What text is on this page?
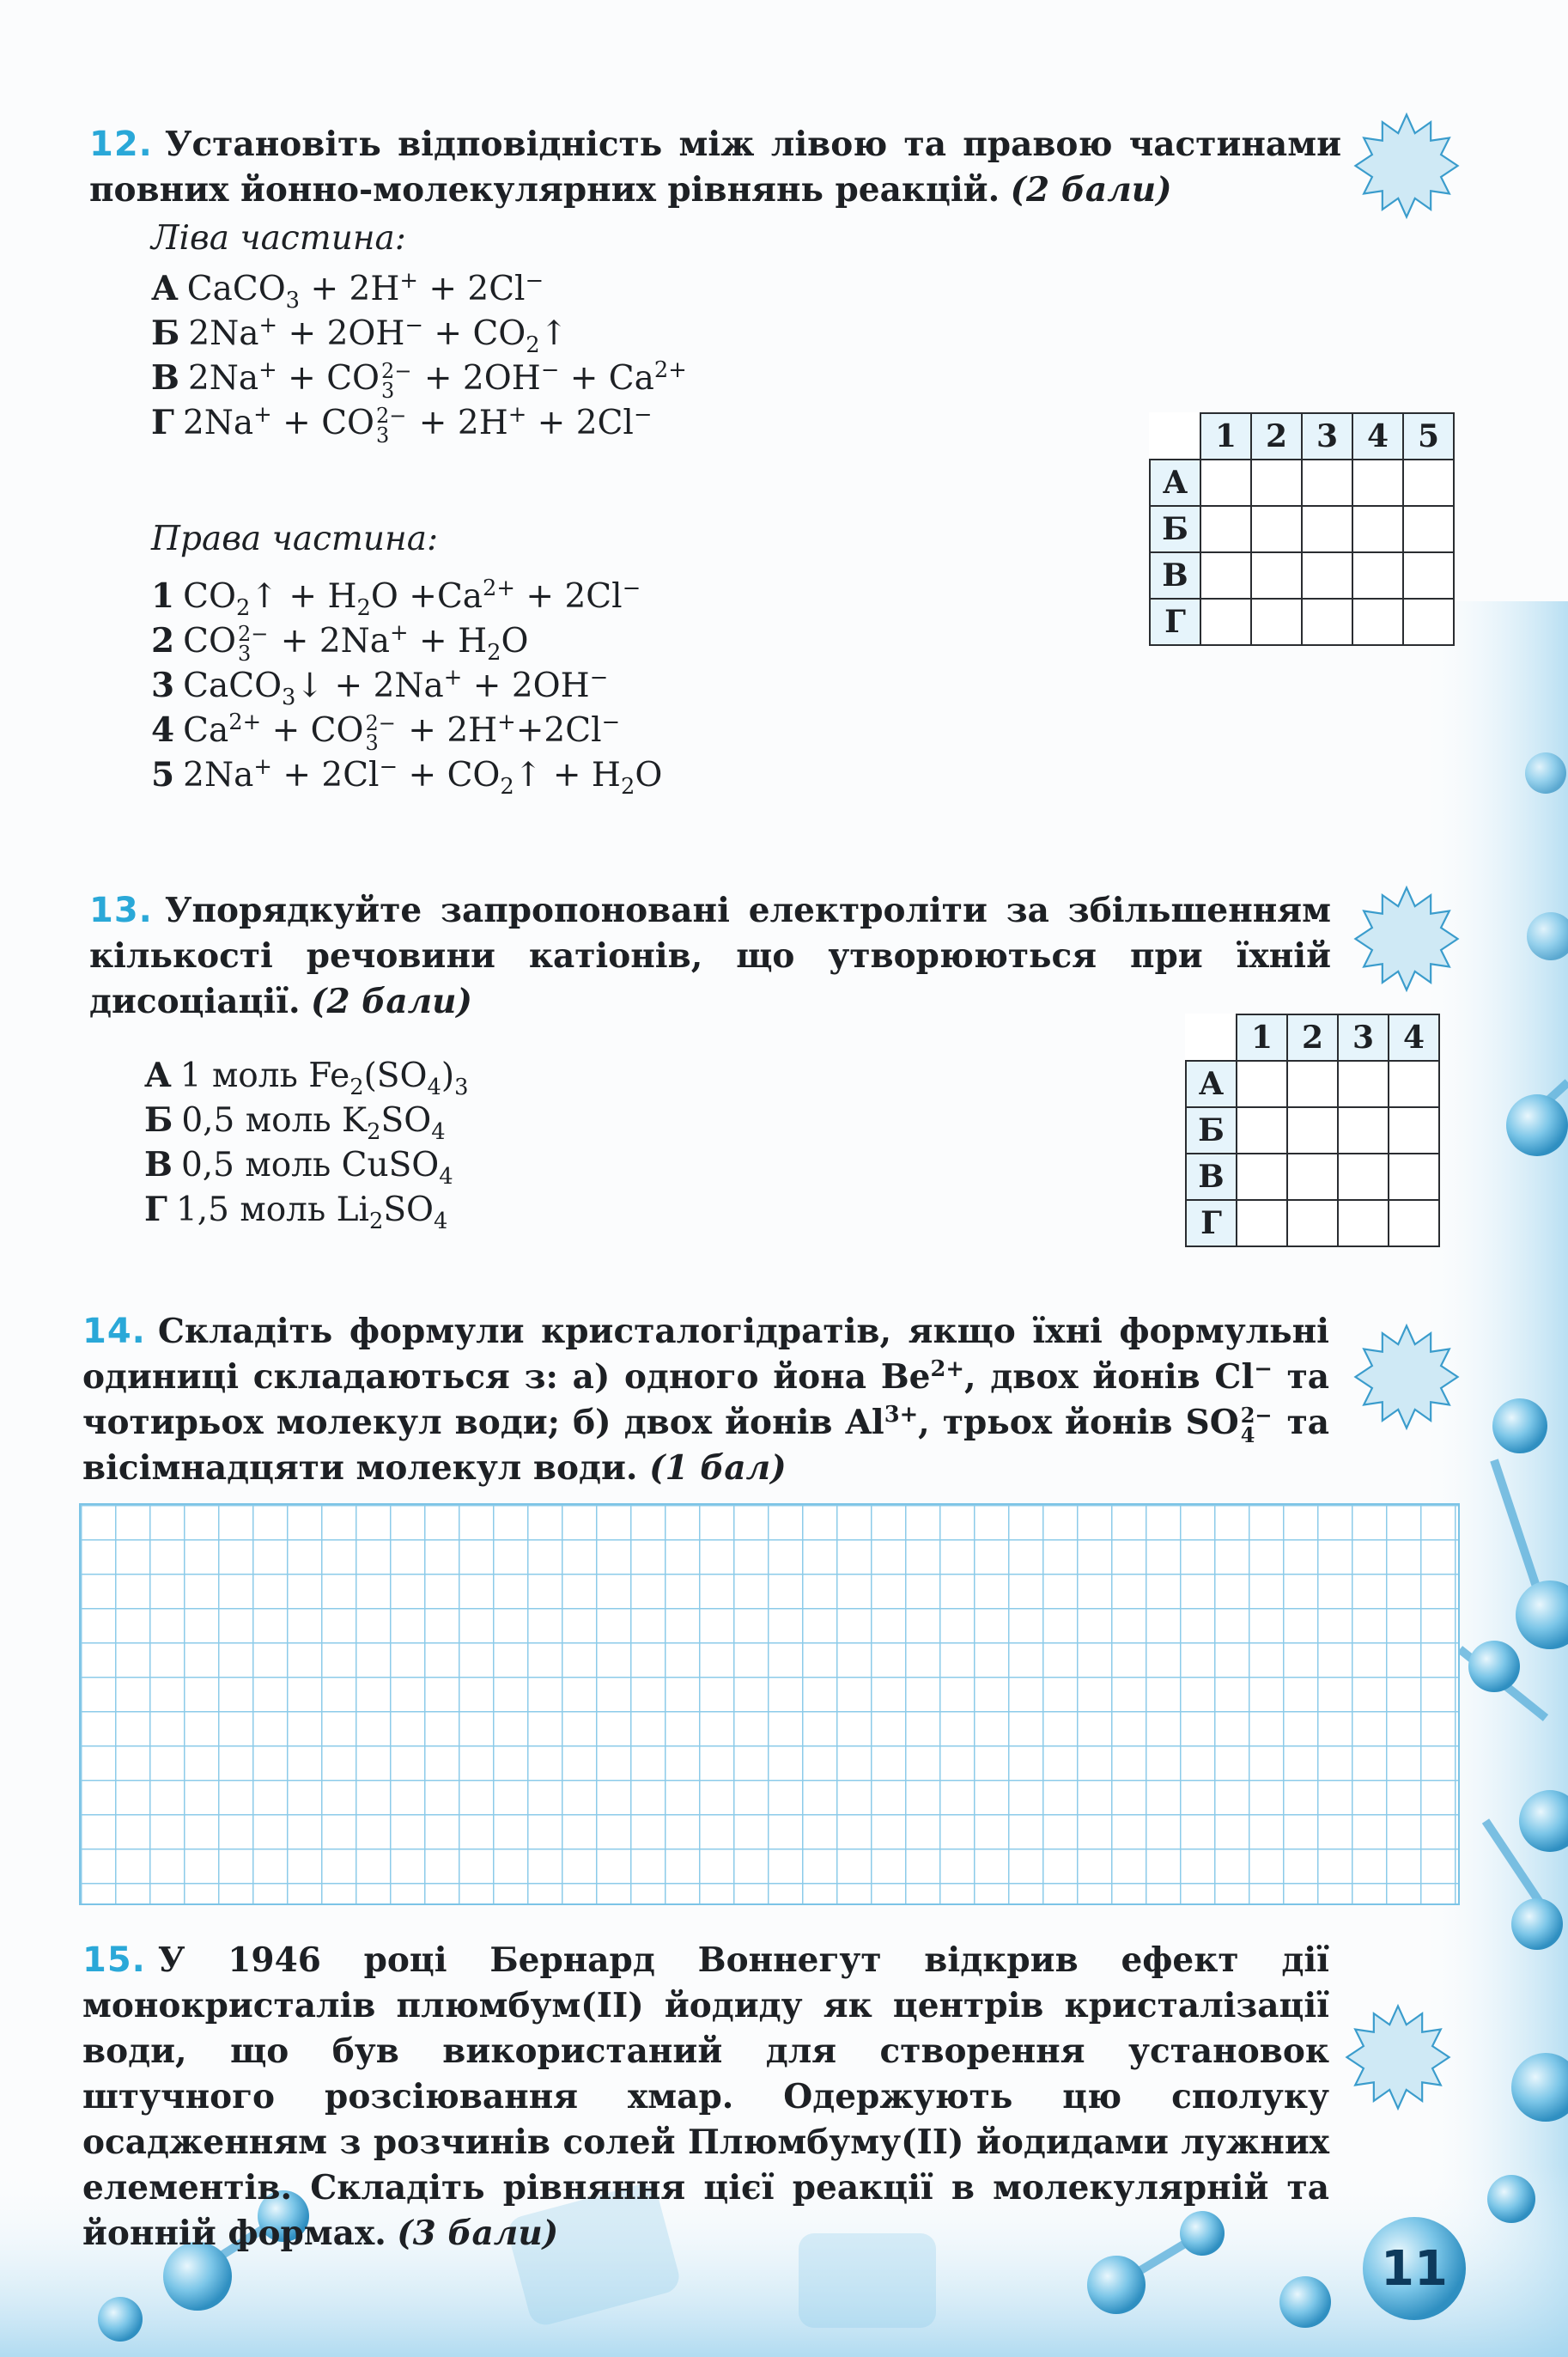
12. Установіть відповідність між лівою та правою частинами повних йонно-молекулярних рівнянь реакцій. (2 бали)
Ліва частина:
А CaCO$_3$ + 2H+ + 2Cl−
Б $2Na^+ + 2OH^- + CO_2↑$
В 2Na+ + CO 2−
$3 + 2OH^- + Ca^{2+}$
Г 2Na+ + CO 2−
3 + 2H+ + 2Cl−
	1	2	3	4	5
А					
Б					
В					
Г					
Права частина:
1 $CO_2↑ + H_2O +Ca^{2+} + 2Cl^-$
2 CO 2−
$3 + 2Na^+ + H_2O$
3 CaCO$_3$↓ + 2Na+ + 2OH−
4 $Ca^{2+}$ + CO 2−
3 + 2H++2Cl−
5 $2Na^+ + 2Cl^- + CO_2↑ + H_2O$
13. Упорядкуйте запропоновані електроліти за збільшенням кількості речовини катіонів, що утворюються при їхній дисоціації. (2 бали)
А 1 моль $Fe_2(SO_4)_3$
Б 0,5 моль $K_2SO_4$
В 0,5 моль CuSO$_4$
Г 1,5 моль $Li_2SO_4$
	1	2	3	4
А				
Б				
В				
Г				
14. Складіть формули кристалогідратів, якщо їхні формульні одиниці складаються з: а) одного йона $Be^{2+}$, двох йонів Cl− та чотирьох молекул води; б) двох йонів $Al^{3+}$, трьох йонів SO 2−
4 та вісімнадцяти молекул води. (1 бал)
15. У 1946 році Бернард Воннегут відкрив ефект дії монокристалів плюмбум(ІІ) йодиду як центрів кристалізації води, що був використаний для створення установок штучного розсіювання хмар. Одержують цю сполуку осадженням з розчинів солей Плюмбуму(ІІ) йодидами лужних елементів. Складіть рівняння цієї реакції в молекулярній та йонній формах. (3 бали)
11
